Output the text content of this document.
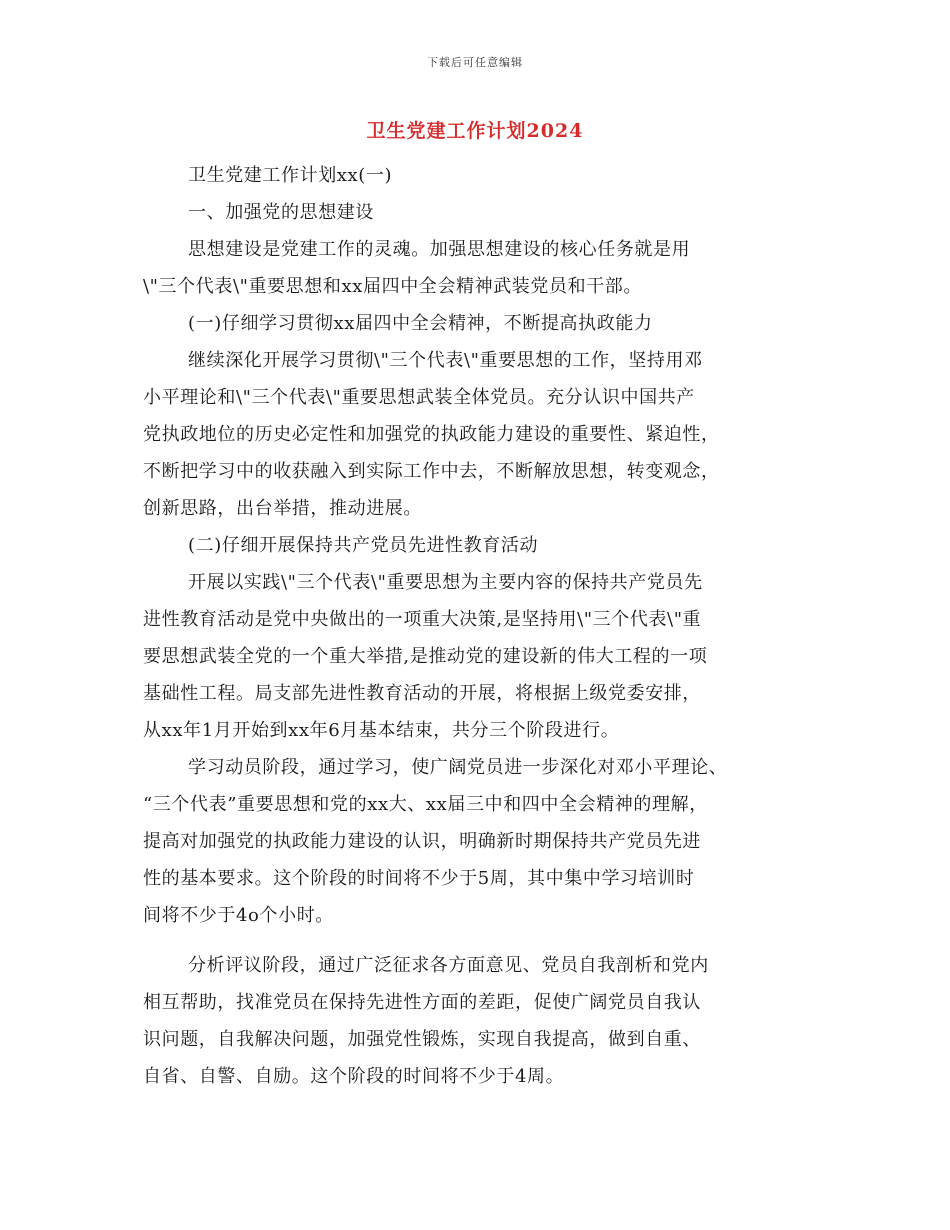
下载后可任意编辑
卫生党建工作计划2024
卫生党建工作计划xx(一)
一、加强党的思想建设
思想建设是党建工作的灵魂。加强思想建设的核心任务就是用
\"三个代表\"重要思想和xx届四中全会精神武装党员和干部。
(一)仔细学习贯彻xx届四中全会精神，不断提高执政能力
继续深化开展学习贯彻\"三个代表\"重要思想的工作，坚持用邓
小平理论和\"三个代表\"重要思想武装全体党员。充分认识中国共产
党执政地位的历史必定性和加强党的执政能力建设的重要性、紧迫性，
不断把学习中的收获融入到实际工作中去，不断解放思想，转变观念，
创新思路，出台举措，推动进展。
(二)仔细开展保持共产党员先进性教育活动
开展以实践\"三个代表\"重要思想为主要内容的保持共产党员先
进性教育活动是党中央做出的一项重大决策,是坚持用\"三个代表\"重
要思想武装全党的一个重大举措,是推动党的建设新的伟大工程的一项
基础性工程。局支部先进性教育活动的开展，将根据上级党委安排，
从xx年1月开始到xx年6月基本结束，共分三个阶段进行。
学习动员阶段，通过学习，使广阔党员进一步深化对邓小平理论、
“三个代表”重要思想和党的xx大、xx届三中和四中全会精神的理解，
提高对加强党的执政能力建设的认识，明确新时期保持共产党员先进
性的基本要求。这个阶段的时间将不少于5周，其中集中学习培训时
间将不少于4o个小时。
分析评议阶段，通过广泛征求各方面意见、党员自我剖析和党内
相互帮助，找准党员在保持先进性方面的差距，促使广阔党员自我认
识问题，自我解决问题，加强党性锻炼，实现自我提高，做到自重、
自省、自警、自励。这个阶段的时间将不少于4周。
